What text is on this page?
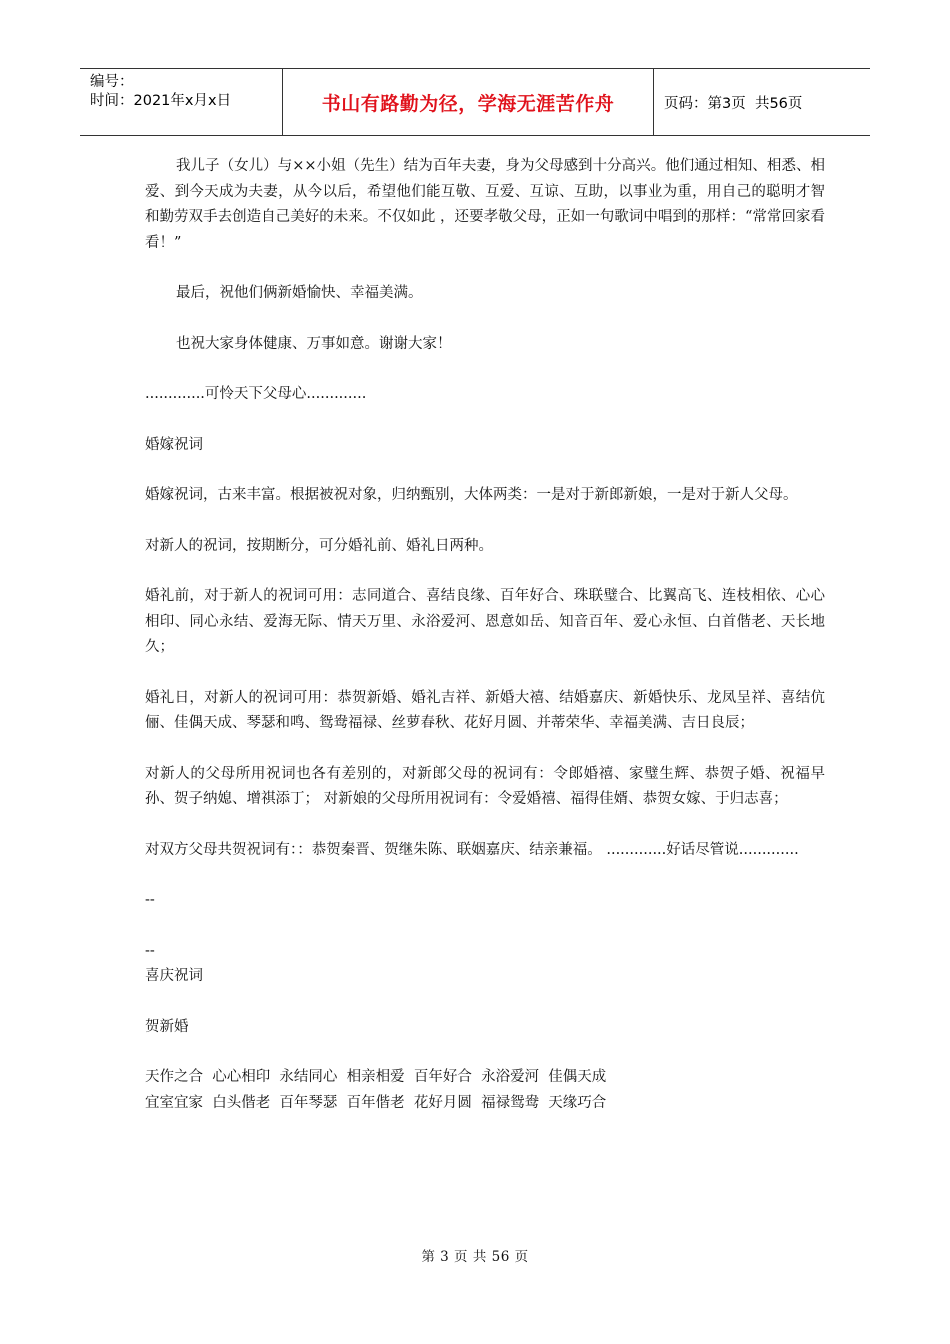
编号：
时间：2021年x月x日	书山有路勤为径，学海无涯苦作舟	页码：第3页  共56页

我儿子（女儿）与××小姐（先生）结为百年夫妻，身为父母感到十分高兴。他们通过相知、相悉、相爱、到今天成为夫妻，从今以后，希望他们能互敬、互爱、互谅、互助，以事业为重，用自己的聪明才智和勤劳双手去创造自己美好的未来。不仅如此 ，还要孝敬父母，正如一句歌词中唱到的那样：“常常回家看看！”

最后，祝他们俩新婚愉快、幸福美满。

也祝大家身体健康、万事如意。谢谢大家！

.............可怜天下父母心.............

婚嫁祝词

婚嫁祝词，古来丰富。根据被祝对象，归纳甄别，大体两类：一是对于新郎新娘，一是对于新人父母。

对新人的祝词，按期断分，可分婚礼前、婚礼日两种。

婚礼前，对于新人的祝词可用：志同道合、喜结良缘、百年好合、珠联璧合、比翼高飞、连枝相依、心心相印、同心永结、爱海无际、情天万里、永浴爱河、恩意如岳、知音百年、爱心永恒、白首偕老、天长地久；

婚礼日，对新人的祝词可用：恭贺新婚、婚礼吉祥、新婚大禧、结婚嘉庆、新婚快乐、龙凤呈祥、喜结伉俪、佳偶天成、琴瑟和鸣、鸳鸯福禄、丝萝春秋、花好月圆、并蒂荣华、幸福美满、吉日良辰；

对新人的父母所用祝词也各有差别的，对新郎父母的祝词有：令郎婚禧、家璧生辉、恭贺子婚、祝福早孙、贺子纳媳、增祺添丁； 对新娘的父母所用祝词有：令爱婚禧、福得佳婿、恭贺女嫁、于归志喜；

对双方父母共贺祝词有：：恭贺秦晋、贺继朱陈、联姻嘉庆、结亲兼福。 .............好话尽管说.............

--

--

喜庆祝词

贺新婚

天作之合  心心相印  永结同心  相亲相爱  百年好合  永浴爱河  佳偶天成

宜室宜家  白头偕老  百年琴瑟  百年偕老  花好月圆  福禄鸳鸯  天缘巧合

第 3 页 共 56 页
